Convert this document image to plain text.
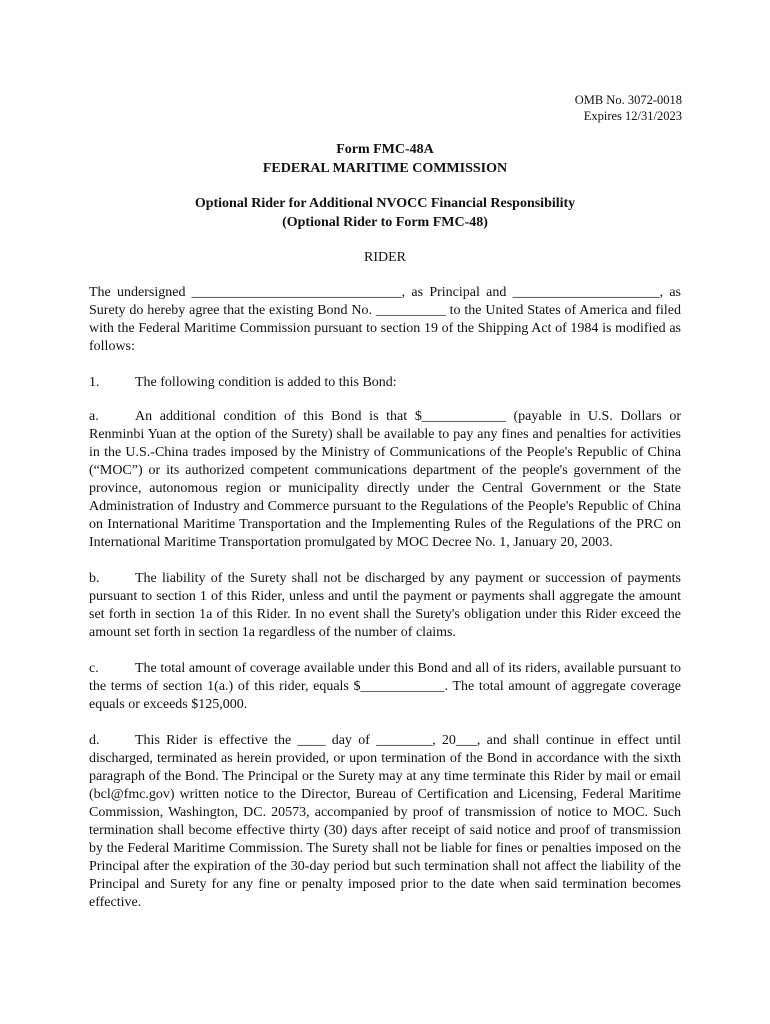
OMB No. 3072-0018
Expires 12/31/2023
Form FMC-48A
FEDERAL MARITIME COMMISSION
Optional Rider for Additional NVOCC Financial Responsibility
(Optional Rider to Form FMC-48)
RIDER

The undersigned ______________________________, as Principal and _____________________, as Surety do hereby agree that the existing Bond No. __________ to the United States of America and filed with the Federal Maritime Commission pursuant to section 19 of the Shipping Act of 1984 is modified as follows:

1.	The following condition is added to this Bond:

a.	An additional condition of this Bond is that $____________ (payable in U.S. Dollars or Renminbi Yuan at the option of the Surety) shall be available to pay any fines and penalties for activities in the U.S.-China trades imposed by the Ministry of Communications of the People's Republic of China (“MOC”) or its authorized competent communications department of the people's government of the province, autonomous region or municipality directly under the Central Government or the State Administration of Industry and Commerce pursuant to the Regulations of the People's Republic of China on International Maritime Transportation and the Implementing Rules of the Regulations of the PRC on International Maritime Transportation promulgated by MOC Decree No. 1, January 20, 2003.

b.	The liability of the Surety shall not be discharged by any payment or succession of payments pursuant to section 1 of this Rider, unless and until the payment or payments shall aggregate the amount set forth in section 1a of this Rider. In no event shall the Surety's obligation under this Rider exceed the amount set forth in section 1a regardless of the number of claims.

c.	The total amount of coverage available under this Bond and all of its riders, available pursuant to the terms of section 1(a.) of this rider, equals $____________. The total amount of aggregate coverage equals or exceeds $125,000.

d.	This Rider is effective the ____ day of ________, 20___, and shall continue in effect until discharged, terminated as herein provided, or upon termination of the Bond in accordance with the sixth paragraph of the Bond. The Principal or the Surety may at any time terminate this Rider by mail or email (bcl@fmc.gov) written notice to the Director, Bureau of Certification and Licensing, Federal Maritime Commission, Washington, DC. 20573, accompanied by proof of transmission of notice to MOC. Such termination shall become effective thirty (30) days after receipt of said notice and proof of transmission by the Federal Maritime Commission. The Surety shall not be liable for fines or penalties imposed on the Principal after the expiration of the 30-day period but such termination shall not affect the liability of the Principal and Surety for any fine or penalty imposed prior to the date when said termination becomes effective.
